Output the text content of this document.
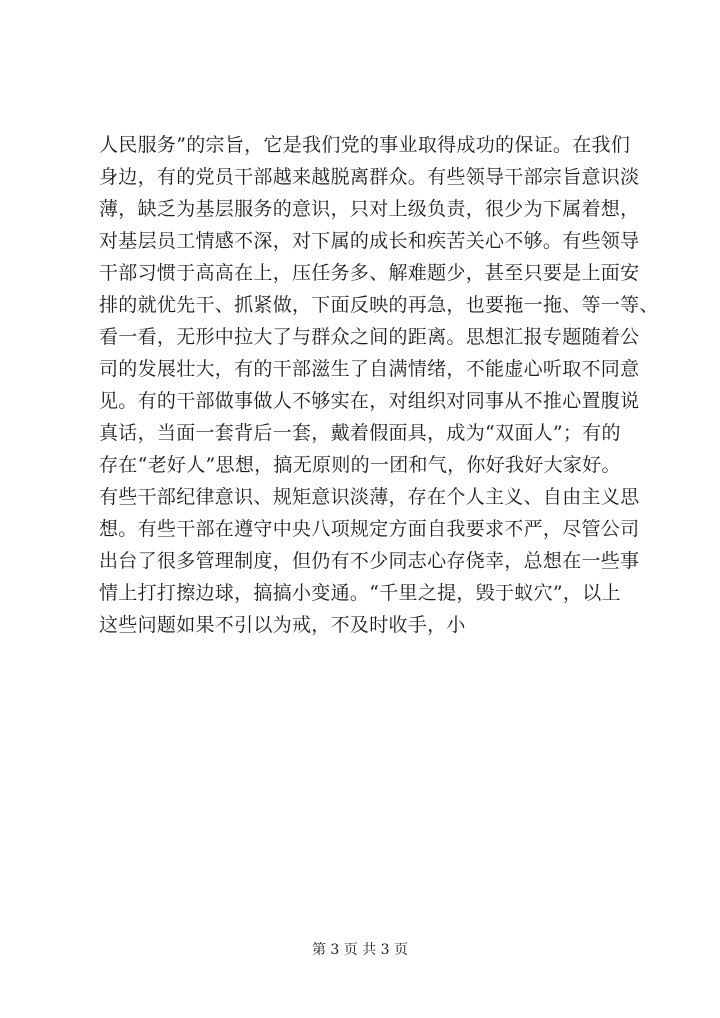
人民服务”的宗旨，它是我们党的事业取得成功的保证。在我们
身边，有的党员干部越来越脱离群众。有些领导干部宗旨意识淡
薄，缺乏为基层服务的意识，只对上级负责，很少为下属着想，
对基层员工情感不深，对下属的成长和疾苦关心不够。有些领导
干部习惯于高高在上，压任务多、解难题少，甚至只要是上面安
排的就优先干、抓紧做，下面反映的再急，也要拖一拖、等一等、
看一看，无形中拉大了与群众之间的距离。思想汇报专题随着公
司的发展壮大，有的干部滋生了自满情绪，不能虚心听取不同意
见。有的干部做事做人不够实在，对组织对同事从不推心置腹说
真话，当面一套背后一套，戴着假面具，成为“双面人”；有的
存在“老好人”思想，搞无原则的一团和气，你好我好大家好。
有些干部纪律意识、规矩意识淡薄，存在个人主义、自由主义思
想。有些干部在遵守中央八项规定方面自我要求不严，尽管公司
出台了很多管理制度，但仍有不少同志心存侥幸，总想在一些事
情上打打擦边球，搞搞小变通。“千里之提，毁于蚁穴”，以上
这些问题如果不引以为戒，不及时收手，小
第 3 页 共 3 页
